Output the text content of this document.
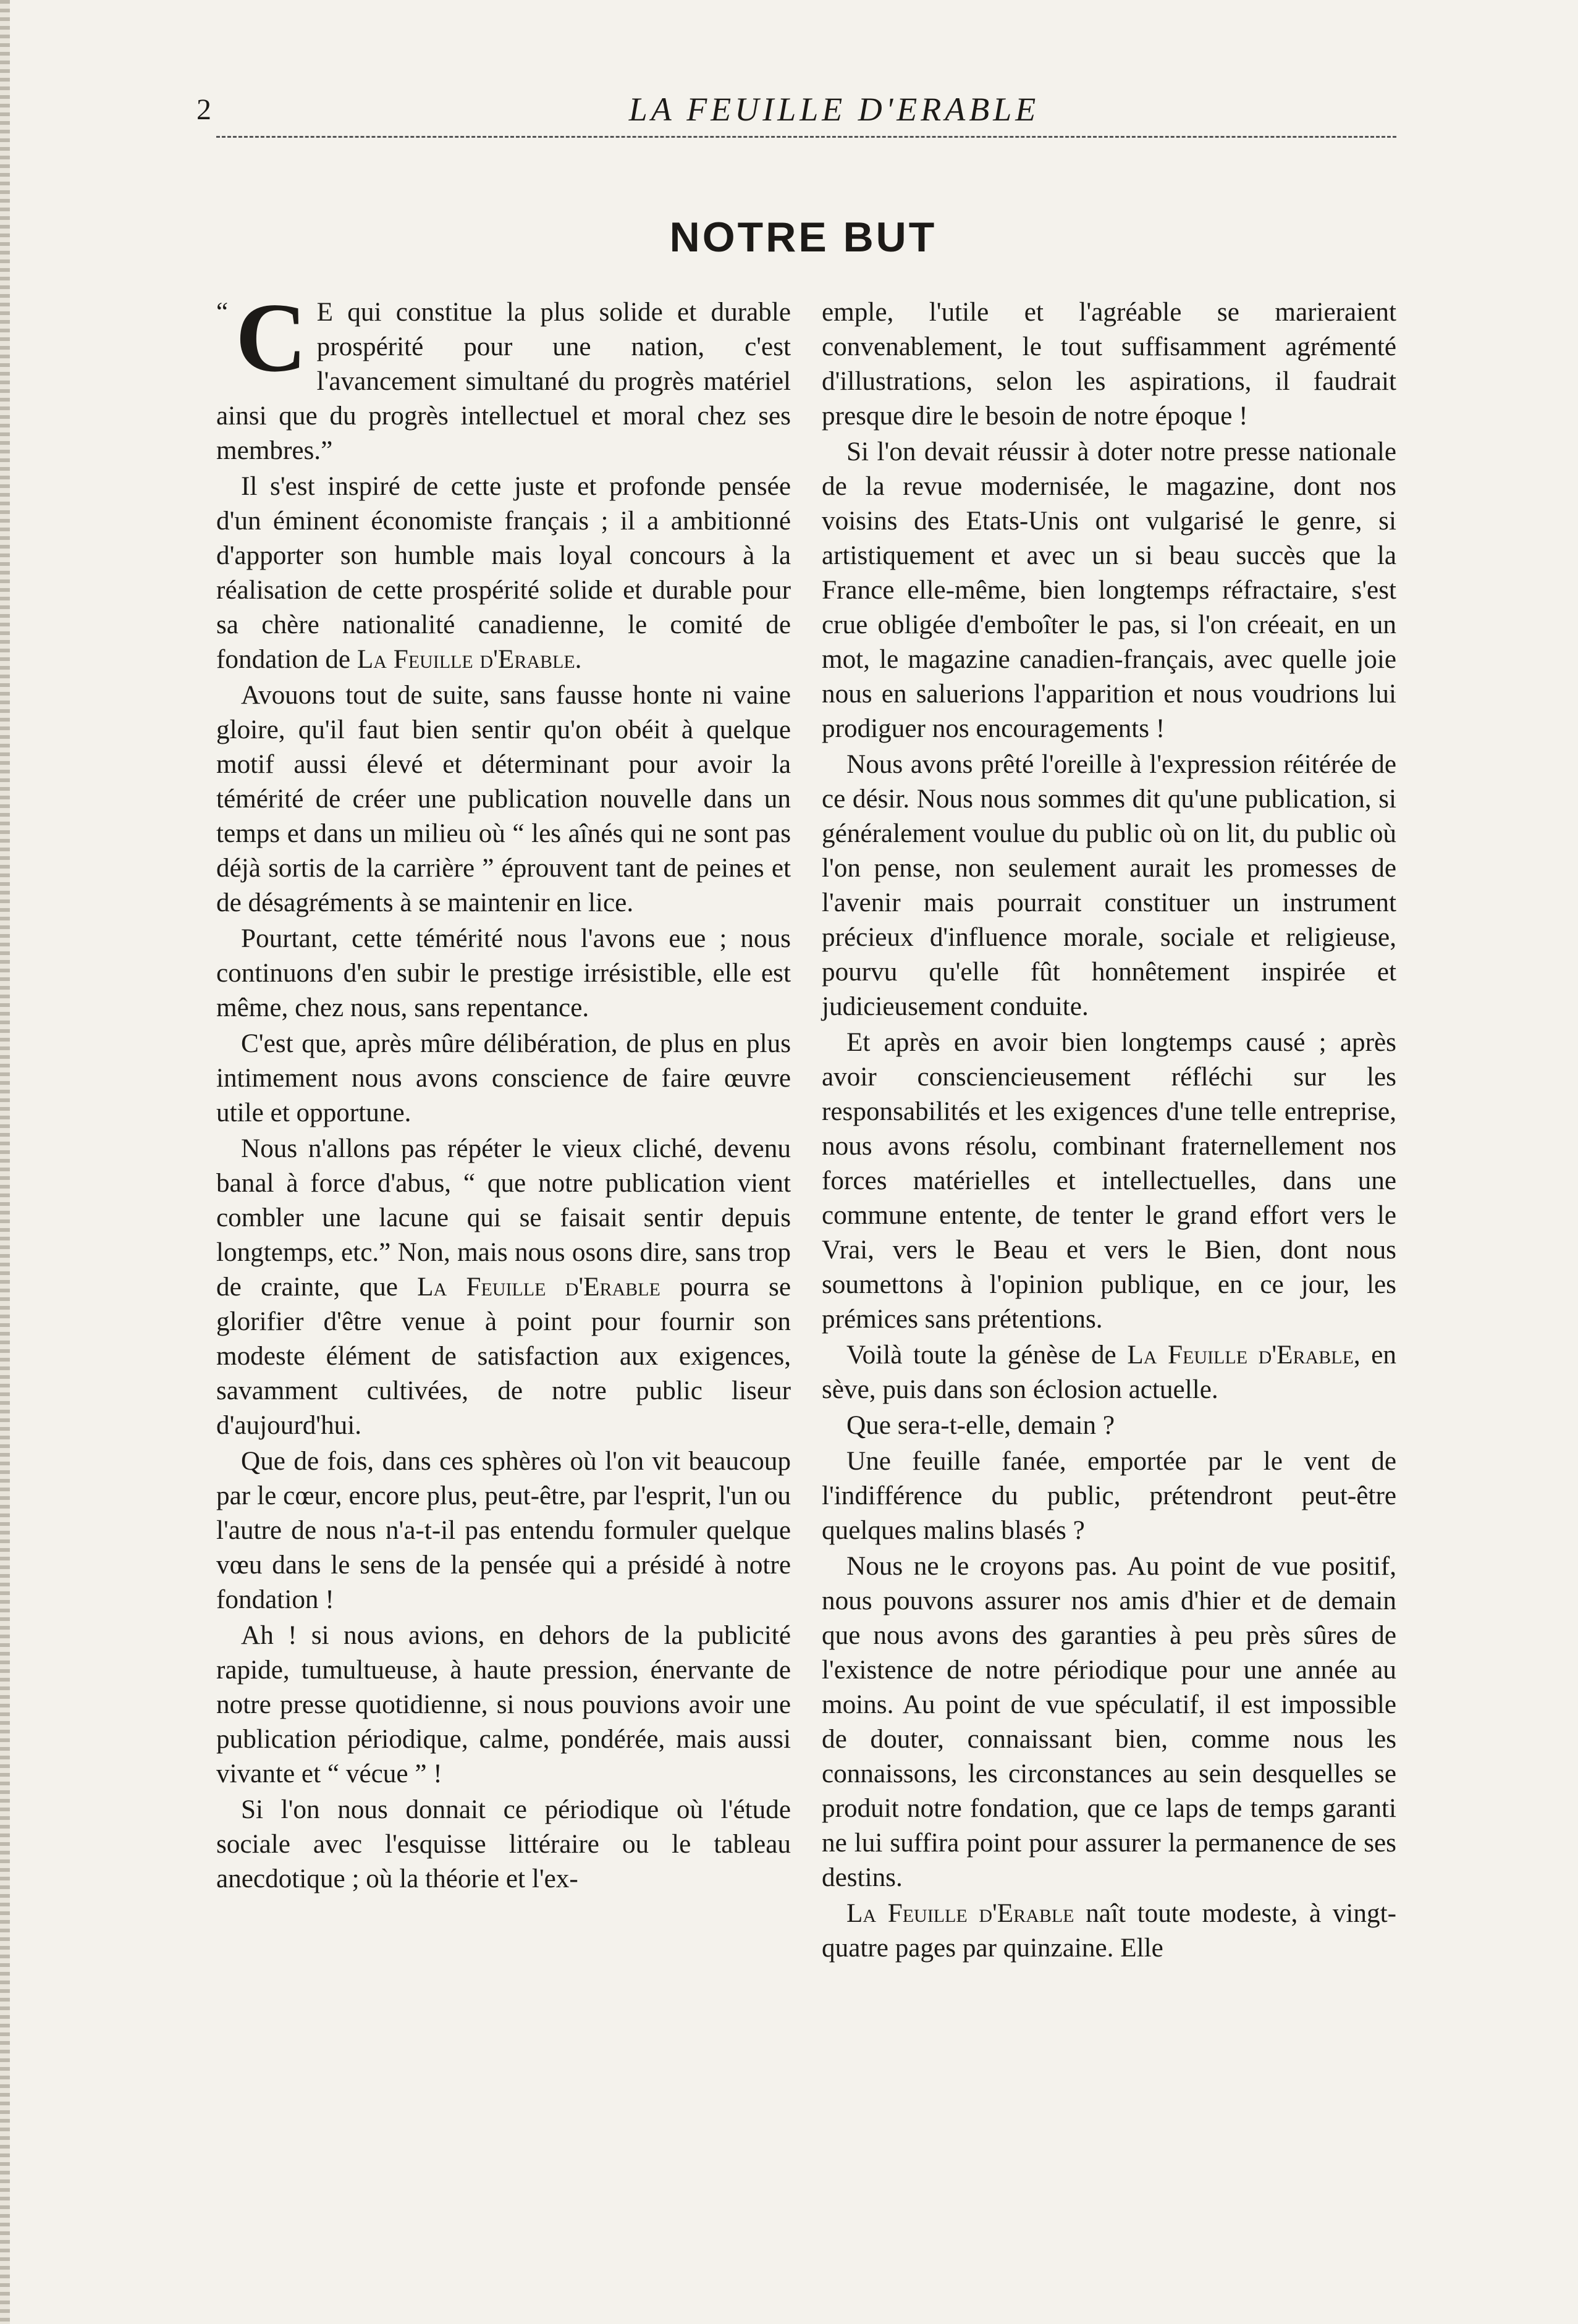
2	LA FEUILLE D'ERABLE
NOTRE BUT

“ C E qui constitue la plus solide et durable prospérité pour une nation, c'est l'avancement simultané du progrès matériel ainsi que du progrès intellectuel et moral chez ses membres.”

Il s'est inspiré de cette juste et profonde pensée d'un éminent économiste français ; il a ambitionné d'apporter son humble mais loyal concours à la réalisation de cette prospérité solide et durable pour sa chère nationalité canadienne, le comité de fondation de La Feuille d'Erable.

Avouons tout de suite, sans fausse honte ni vaine gloire, qu'il faut bien sentir qu'on obéit à quelque motif aussi élevé et déterminant pour avoir la témérité de créer une publication nouvelle dans un temps et dans un milieu où “ les aînés qui ne sont pas déjà sortis de la carrière ” éprouvent tant de peines et de désagréments à se maintenir en lice.

Pourtant, cette témérité nous l'avons eue ; nous continuons d'en subir le prestige irrésistible, elle est même, chez nous, sans repentance.

C'est que, après mûre délibération, de plus en plus intimement nous avons conscience de faire œuvre utile et opportune.

Nous n'allons pas répéter le vieux cliché, devenu banal à force d'abus, “ que notre publication vient combler une lacune qui se faisait sentir depuis longtemps, etc.” Non, mais nous osons dire, sans trop de crainte, que La Feuille d'Erable pourra se glorifier d'être venue à point pour fournir son modeste élément de satisfaction aux exigences, savamment cultivées, de notre public liseur d'aujourd'hui.

Que de fois, dans ces sphères où l'on vit beaucoup par le cœur, encore plus, peut-être, par l'esprit, l'un ou l'autre de nous n'a-t-il pas entendu formuler quelque vœu dans le sens de la pensée qui a présidé à notre fondation !

Ah ! si nous avions, en dehors de la publicité rapide, tumultueuse, à haute pression, énervante de notre presse quotidienne, si nous pouvions avoir une publication périodique, calme, pondérée, mais aussi vivante et “ vécue ” !

Si l'on nous donnait ce périodique où l'étude sociale avec l'esquisse littéraire ou le tableau anecdotique ; où la théorie et l'ex-

emple, l'utile et l'agréable se marieraient convenablement, le tout suffisamment agrémenté d'illustrations, selon les aspirations, il faudrait presque dire le besoin de notre époque !

Si l'on devait réussir à doter notre presse nationale de la revue modernisée, le magazine, dont nos voisins des Etats-Unis ont vulgarisé le genre, si artistiquement et avec un si beau succès que la France elle-même, bien longtemps réfractaire, s'est crue obligée d'emboîter le pas, si l'on créeait, en un mot, le magazine canadien-français, avec quelle joie nous en saluerions l'apparition et nous voudrions lui prodiguer nos encouragements !

Nous avons prêté l'oreille à l'expression réitérée de ce désir. Nous nous sommes dit qu'une publication, si généralement voulue du public où on lit, du public où l'on pense, non seulement aurait les promesses de l'avenir mais pourrait constituer un instrument précieux d'influence morale, sociale et religieuse, pourvu qu'elle fût honnêtement inspirée et judicieusement conduite.

Et après en avoir bien longtemps causé ; après avoir consciencieusement réfléchi sur les responsabilités et les exigences d'une telle entreprise, nous avons résolu, combinant fraternellement nos forces matérielles et intellectuelles, dans une commune entente, de tenter le grand effort vers le Vrai, vers le Beau et vers le Bien, dont nous soumettons à l'opinion publique, en ce jour, les prémices sans prétentions.

Voilà toute la génèse de La Feuille d'Erable, en sève, puis dans son éclosion actuelle.

Que sera-t-elle, demain ?

Une feuille fanée, emportée par le vent de l'indifférence du public, prétendront peut-être quelques malins blasés ?

Nous ne le croyons pas. Au point de vue positif, nous pouvons assurer nos amis d'hier et de demain que nous avons des garanties à peu près sûres de l'existence de notre périodique pour une année au moins. Au point de vue spéculatif, il est impossible de douter, connaissant bien, comme nous les connaissons, les circonstances au sein desquelles se produit notre fondation, que ce laps de temps garanti ne lui suffira point pour assurer la permanence de ses destins.

La Feuille d'Erable naît toute modeste, à vingt-quatre pages par quinzaine. Elle
